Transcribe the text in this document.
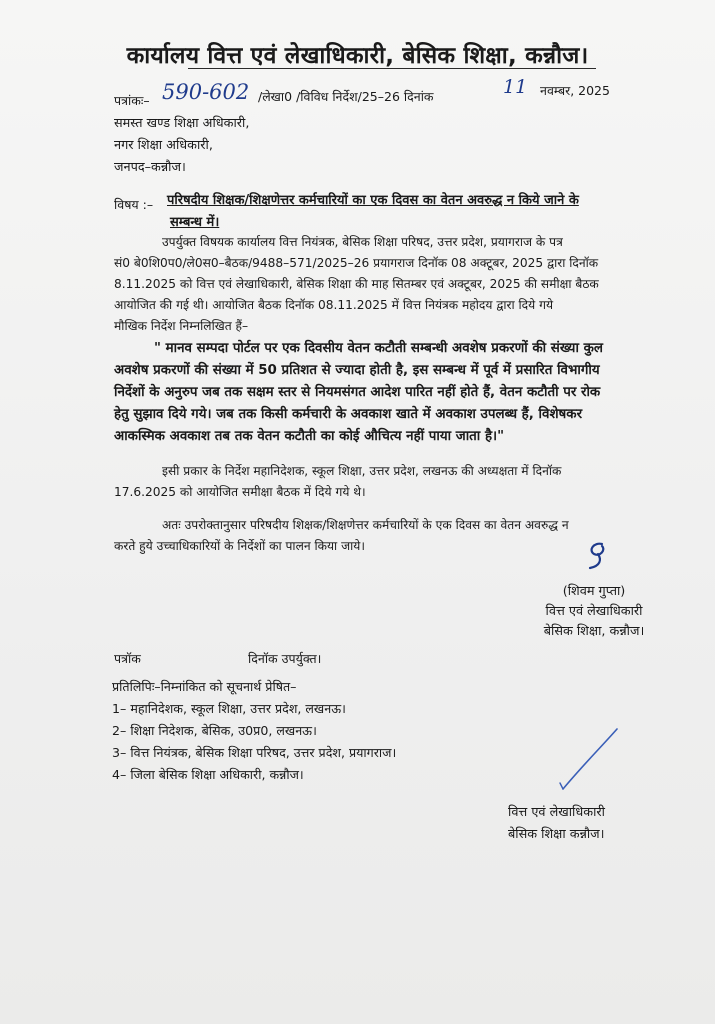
कार्यालय वित्त एवं लेखाधिकारी, बेसिक शिक्षा, कन्नौज।
पत्रांकः– 590-602 /लेखा0 /विविध निर्देश/25–26 दिनांक	11 नवम्बर, 2025
समस्त खण्ड शिक्षा अधिकारी,
नगर शिक्षा अधिकारी,
जनपद–कन्नौज।
विषय :– परिषदीय शिक्षक/शिक्षणेत्तर कर्मचारियों का एक दिवस का वेतन अवरुद्ध न किये जाने के
सम्बन्ध में।
उपर्युक्त विषयक कार्यालय वित्त नियंत्रक, बेसिक शिक्षा परिषद, उत्तर प्रदेश, प्रयागराज के पत्र
सं0 बे0शि0प0/ले0स0–बैठक/9488–571/2025–26 प्रयागराज दिनॉक 08 अक्टूबर, 2025 द्वारा दिनॉक
8.11.2025 को वित्त एवं लेखाधिकारी, बेसिक शिक्षा की माह सितम्बर एवं अक्टूबर, 2025 की समीक्षा बैठक
आयोजित की गई थी। आयोजित बैठक दिनॉक 08.11.2025 में वित्त नियंत्रक महोदय द्वारा दिये गये
मौखिक निर्देश निम्नलिखित हैं–
" मानव सम्पदा पोर्टल पर एक दिवसीय वेतन कटौती सम्बन्धी अवशेष प्रकरणों की संख्या कुल
अवशेष प्रकरणों की संख्या में 50 प्रतिशत से ज्यादा होती है, इस सम्बन्ध में पूर्व में प्रसारित विभागीय
निर्देशों के अनुरुप जब तक सक्षम स्तर से नियमसंगत आदेश पारित नहीं होते हैं, वेतन कटौती पर रोक
हेतु सुझाव दिये गये। जब तक किसी कर्मचारी के अवकाश खाते में अवकाश उपलब्ध हैं, विशेषकर
आकस्मिक अवकाश तब तक वेतन कटौती का कोई औचित्य नहीं पाया जाता है।"
इसी प्रकार के निर्देश महानिदेशक, स्कूल शिक्षा, उत्तर प्रदेश, लखनऊ की अध्यक्षता में दिनॉक
17.6.2025 को आयोजित समीक्षा बैठक में दिये गये थे।
अतः उपरोक्तानुसार परिषदीय शिक्षक/शिक्षणेत्तर कर्मचारियों के एक दिवस का वेतन अवरुद्ध न
करते हुये उच्चाधिकारियों के निर्देशों का पालन किया जाये।
(शिवम गुप्ता)
वित्त एवं लेखाधिकारी
बेसिक शिक्षा, कन्नौज।
पत्रॉक	दिनॉक उपर्युक्त।
प्रतिलिपिः–निम्नांकित को सूचनार्थ प्रेषित–
1– महानिदेशक, स्कूल शिक्षा, उत्तर प्रदेश, लखनऊ।
2– शिक्षा निदेशक, बेसिक, उ0प्र0, लखनऊ।
3– वित्त नियंत्रक, बेसिक शिक्षा परिषद, उत्तर प्रदेश, प्रयागराज।
4– जिला बेसिक शिक्षा अधिकारी, कन्नौज।
वित्त एवं लेखाधिकारी
बेसिक शिक्षा कन्नौज।
